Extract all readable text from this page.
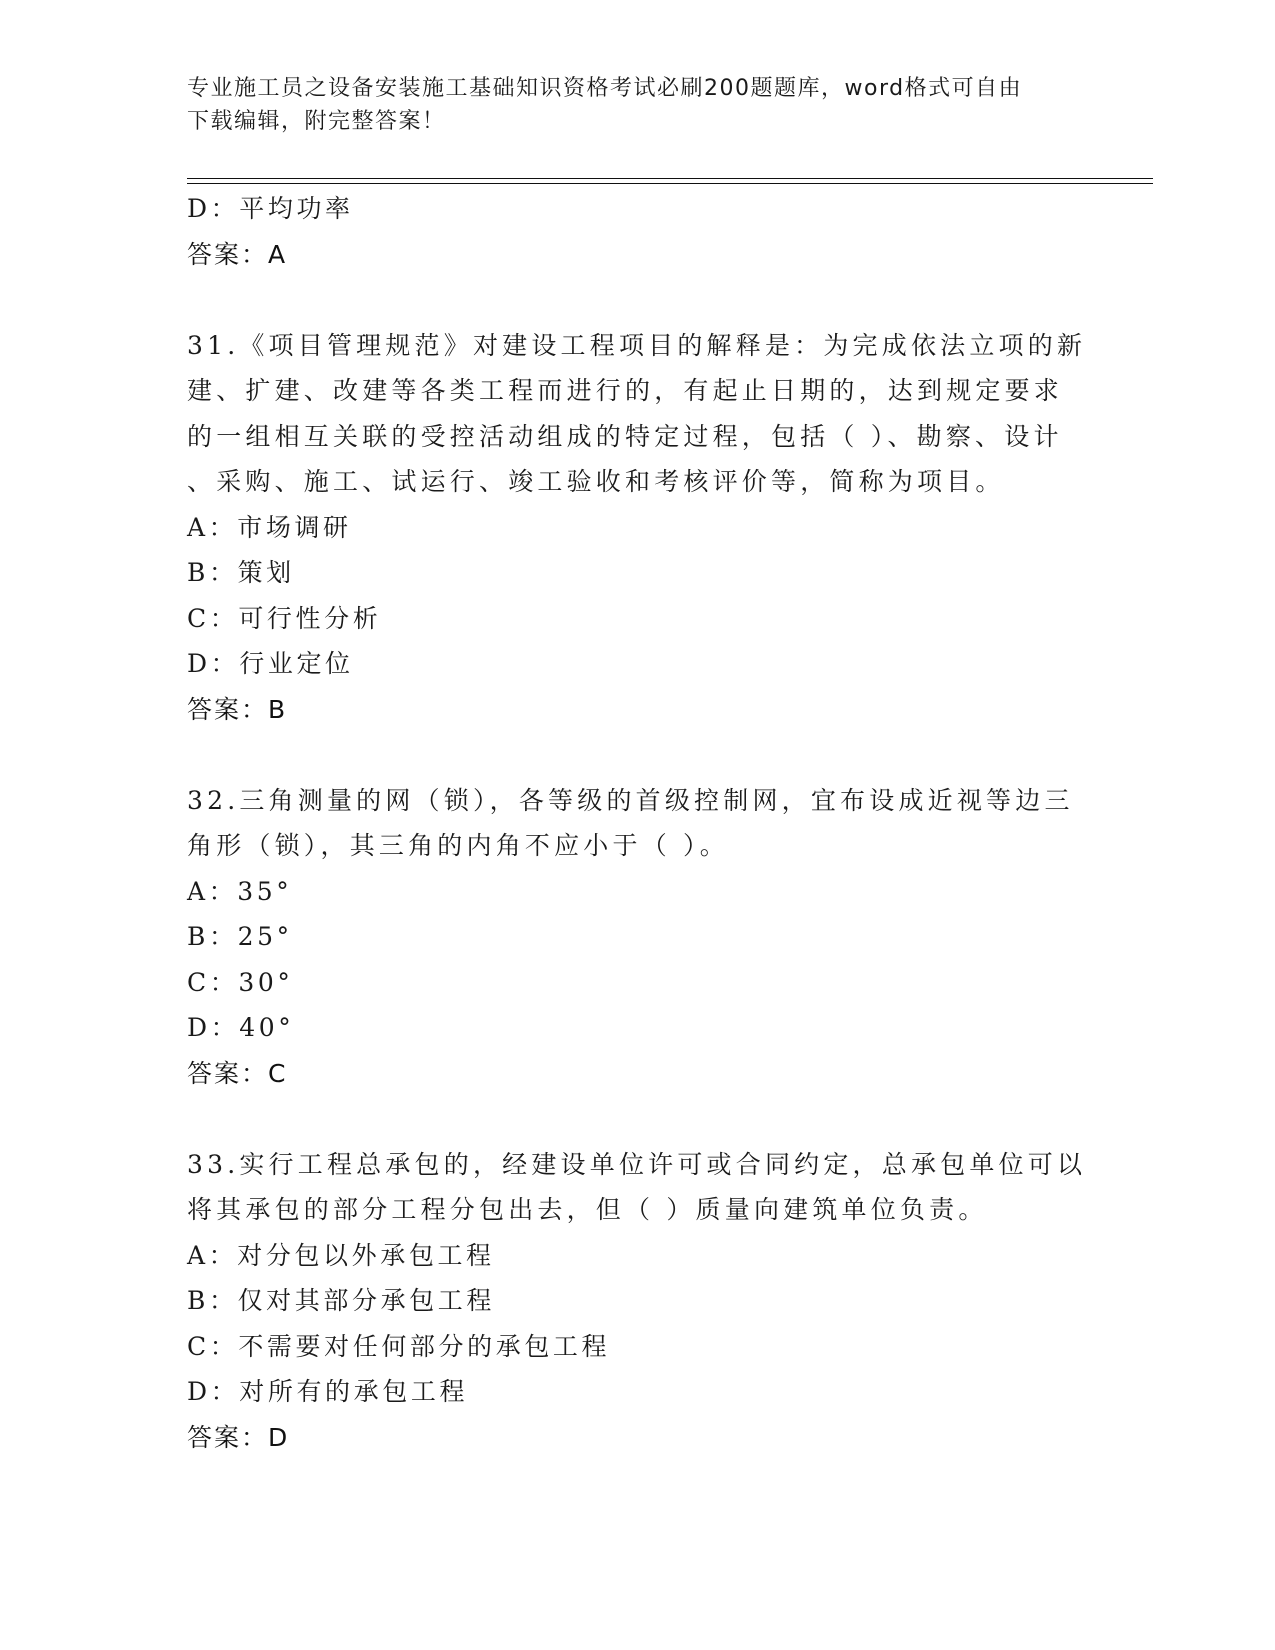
专业施工员之设备安装施工基础知识资格考试必刷200题题库，word格式可自由
下载编辑，附完整答案！
D：平均功率
答案：A
31.《项目管理规范》对建设工程项目的解释是：为完成依法立项的新
建、扩建、改建等各类工程而进行的，有起止日期的，达到规定要求
的一组相互关联的受控活动组成的特定过程，包括（ ）、勘察、设计
、采购、施工、试运行、竣工验收和考核评价等，简称为项目。
A：市场调研
B：策划
C：可行性分析
D：行业定位
答案：B
32.三角测量的网（锁），各等级的首级控制网，宜布设成近视等边三
角形（锁），其三角的内角不应小于（ ）。
A：35°
B：25°
C：30°
D：40°
答案：C
33.实行工程总承包的，经建设单位许可或合同约定，总承包单位可以
将其承包的部分工程分包出去，但（ ）质量向建筑单位负责。
A：对分包以外承包工程
B：仅对其部分承包工程
C：不需要对任何部分的承包工程
D：对所有的承包工程
答案：D
